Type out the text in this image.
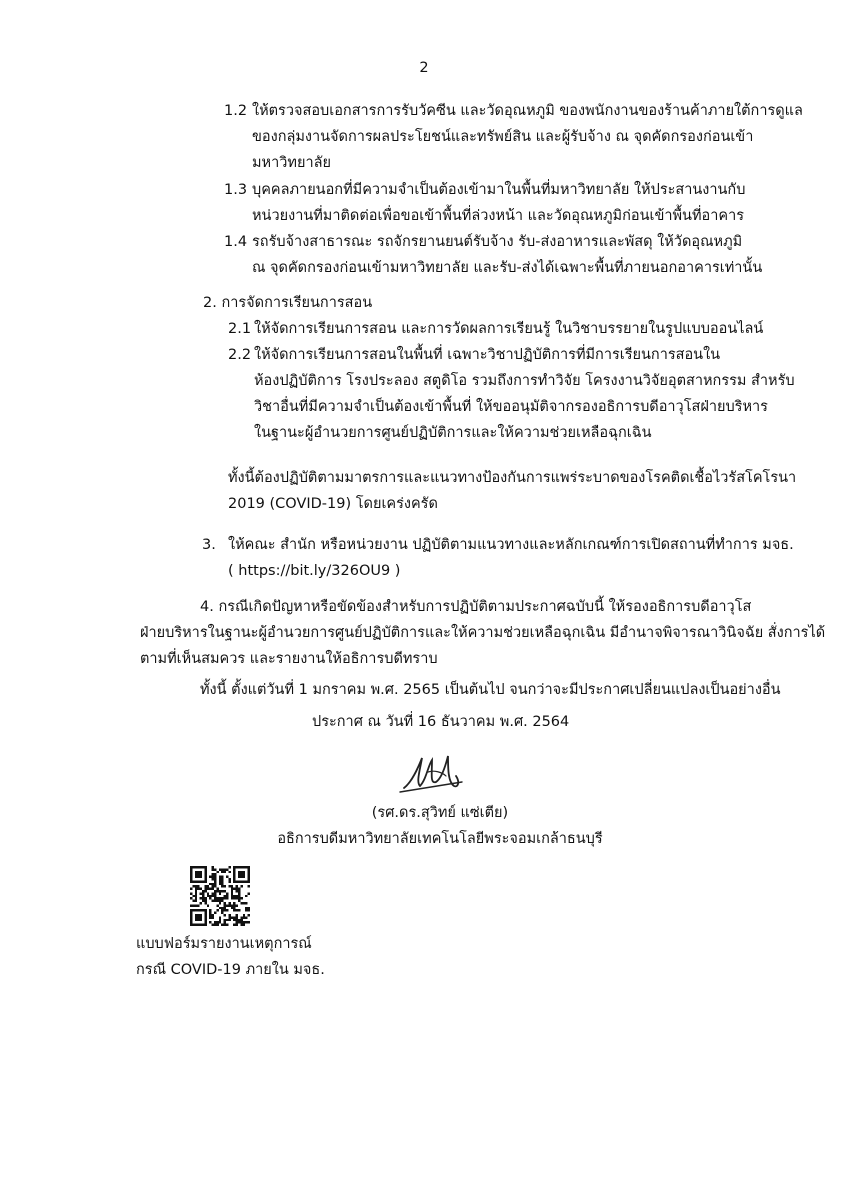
2
1.2 ให้ตรวจสอบเอกสารการรับวัคซีน และวัดอุณหภูมิ ของพนักงานของร้านค้าภายใต้การดูแล
ของกลุ่มงานจัดการผลประโยชน์และทรัพย์สิน และผู้รับจ้าง ณ จุดคัดกรองก่อนเข้า
มหาวิทยาลัย
1.3 บุคคลภายนอกที่มีความจำเป็นต้องเข้ามาในพื้นที่มหาวิทยาลัย ให้ประสานงานกับ
หน่วยงานที่มาติดต่อเพื่อขอเข้าพื้นที่ล่วงหน้า และวัดอุณหภูมิก่อนเข้าพื้นที่อาคาร
1.4 รถรับจ้างสาธารณะ รถจักรยานยนต์รับจ้าง รับ-ส่งอาหารและพัสดุ ให้วัดอุณหภูมิ
ณ จุดคัดกรองก่อนเข้ามหาวิทยาลัย และรับ-ส่งได้เฉพาะพื้นที่ภายนอกอาคารเท่านั้น
2. การจัดการเรียนการสอน
2.1 ให้จัดการเรียนการสอน และการวัดผลการเรียนรู้ ในวิชาบรรยายในรูปแบบออนไลน์
2.2 ให้จัดการเรียนการสอนในพื้นที่ เฉพาะวิชาปฏิบัติการที่มีการเรียนการสอนใน
ห้องปฏิบัติการ โรงประลอง สตูดิโอ รวมถึงการทำวิจัย โครงงานวิจัยอุตสาหกรรม สำหรับ
วิชาอื่นที่มีความจำเป็นต้องเข้าพื้นที่ ให้ขออนุมัติจากรองอธิการบดีอาวุโสฝ่ายบริหาร
ในฐานะผู้อำนวยการศูนย์ปฏิบัติการและให้ความช่วยเหลือฉุกเฉิน
ทั้งนี้ต้องปฏิบัติตามมาตรการและแนวทางป้องกันการแพร่ระบาดของโรคติดเชื้อไวรัสโคโรนา
2019 (COVID-19) โดยเคร่งครัด
3. ให้คณะ สำนัก หรือหน่วยงาน ปฏิบัติตามแนวทางและหลักเกณฑ์การเปิดสถานที่ทำการ มจธ.
( https://bit.ly/326OU9 )
4. กรณีเกิดปัญหาหรือขัดข้องสำหรับการปฏิบัติตามประกาศฉบับนี้ ให้รองอธิการบดีอาวุโส
ฝ่ายบริหารในฐานะผู้อำนวยการศูนย์ปฏิบัติการและให้ความช่วยเหลือฉุกเฉิน มีอำนาจพิจารณาวินิจฉัย สั่งการได้
ตามที่เห็นสมควร และรายงานให้อธิการบดีทราบ
ทั้งนี้ ตั้งแต่วันที่ 1 มกราคม พ.ศ. 2565 เป็นต้นไป จนกว่าจะมีประกาศเปลี่ยนแปลงเป็นอย่างอื่น
ประกาศ ณ วันที่ 16 ธันวาคม พ.ศ. 2564
(รศ.ดร.สุวิทย์ แซ่เตีย)
อธิการบดีมหาวิทยาลัยเทคโนโลยีพระจอมเกล้าธนบุรี
แบบฟอร์มรายงานเหตุการณ์
กรณี COVID-19 ภายใน มจธ.
